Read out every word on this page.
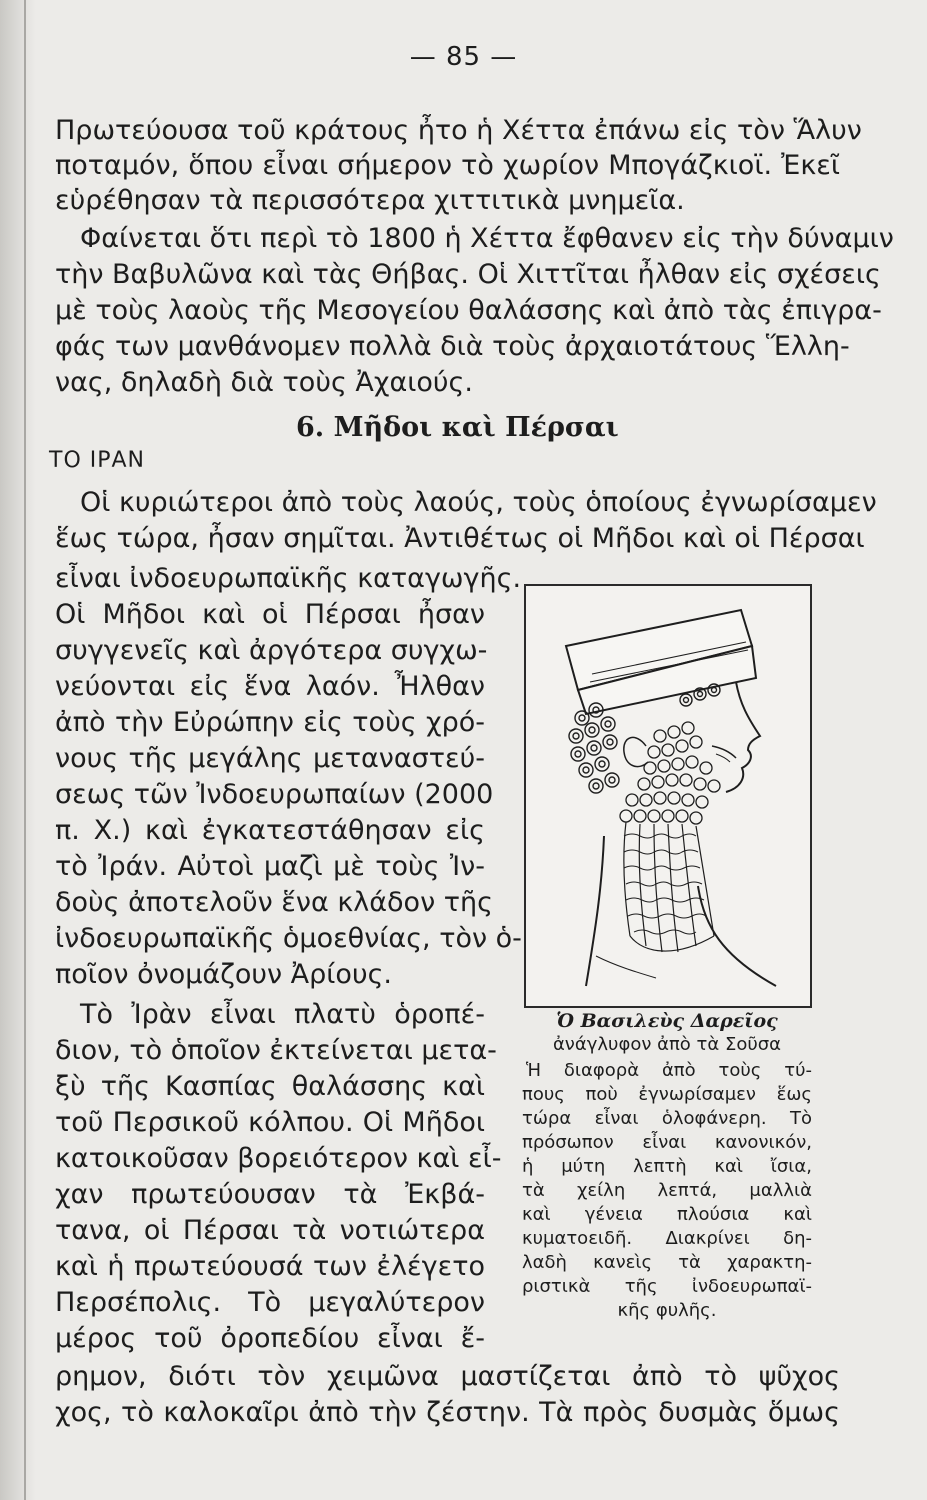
— 85 —

Πρωτεύουσα τοῦ κράτους ἦτο ἡ Χέττα ἐπάνω εἰς τὸν Ἅλυν

ποταμόν, ὅπου εἶναι σήμερον τὸ χωρίον Μπογάζκιοϊ. Ἐκεῖ

εὑρέθησαν τὰ περισσότερα χιττιτικὰ μνημεῖα.

Φαίνεται ὅτι περὶ τὸ 1800 ἡ Χέττα ἔφθανεν εἰς τὴν δύναμιν

τὴν Βαβυλῶνα καὶ τὰς Θήβας. Οἱ Χιττῖται ἦλθαν εἰς σχέσεις

μὲ τοὺς λαοὺς τῆς Μεσογείου θαλάσσης καὶ ἀπὸ τὰς ἐπιγρα-

φάς των μανθάνομεν πολλὰ διὰ τοὺς ἀρχαιοτάτους Ἕλλη-

νας, δηλαδὴ διὰ τοὺς Ἀχαιούς.

6. Μῆδοι καὶ Πέρσαι
ΤΟ ΙΡΑΝ

Οἱ κυριώτεροι ἀπὸ τοὺς λαούς, τοὺς ὁποίους ἐγνωρίσαμεν

ἕως τώρα, ἦσαν σημῖται. Ἀντιθέτως οἱ Μῆδοι καὶ οἱ Πέρσαι

εἶναι ἰνδοευρωπαϊκῆς καταγωγῆς.

Οἱ Μῆδοι καὶ οἱ Πέρσαι ἦσαν

συγγενεῖς καὶ ἀργότερα συγχω-

νεύονται εἰς ἕνα λαόν. Ἦλθαν

ἀπὸ τὴν Εὐρώπην εἰς τοὺς χρό-

νους τῆς μεγάλης μεταναστεύ-

σεως τῶν Ἰνδοευρωπαίων (2000

π. Χ.) καὶ ἐγκατεστάθησαν εἰς

τὸ Ἰράν. Αὐτοὶ μαζὶ μὲ τοὺς Ἰν-

δοὺς ἀποτελοῦν ἕνα κλάδον τῆς

ἰνδοευρωπαϊκῆς ὁμοεθνίας, τὸν ὁ-

ποῖον ὀνομάζουν Ἀρίους.

Τὸ Ἰρὰν εἶναι πλατὺ ὁροπέ-

διον, τὸ ὁποῖον ἐκτείνεται μετα-

ξὺ τῆς Κασπίας θαλάσσης καὶ

τοῦ Περσικοῦ κόλπου. Οἱ Μῆδοι

κατοικοῦσαν βορειότερον καὶ εἶ-

χαν πρωτεύουσαν τὰ Ἐκβά-

τανα, οἱ Πέρσαι τὰ νοτιώτερα

καὶ ἡ πρωτεύουσά των ἐλέγετο

Περσέπολις. Τὸ μεγαλύτερον

μέρος τοῦ ὀροπεδίου εἶναι ἔ-

ρημον, διότι τὸν χειμῶνα μαστίζεται ἀπὸ τὸ ψῦχος

χος, τὸ καλοκαῖρι ἀπὸ τὴν ζέστην. Τὰ πρὸς δυσμὰς ὅμως

Ὁ Βασιλεὺς Δαρεῖος

ἀνάγλυφον ἀπὸ τὰ Σοῦσα

Ἡ διαφορὰ ἀπὸ τοὺς τύ-

πους ποὺ ἐγνωρίσαμεν ἕως

τώρα εἶναι ὁλοφάνερη. Τὸ

πρόσωπον εἶναι κανονικόν,

ἡ μύτη λεπτὴ καὶ ἴσια,

τὰ χείλη λεπτά, μαλλιὰ

καὶ γένεια πλούσια καὶ

κυματοειδῆ. Διακρίνει δη-

λαδὴ κανεὶς τὰ χαρακτη-

ριστικὰ τῆς ἰνδοευρωπαϊ-

κῆς φυλῆς.
